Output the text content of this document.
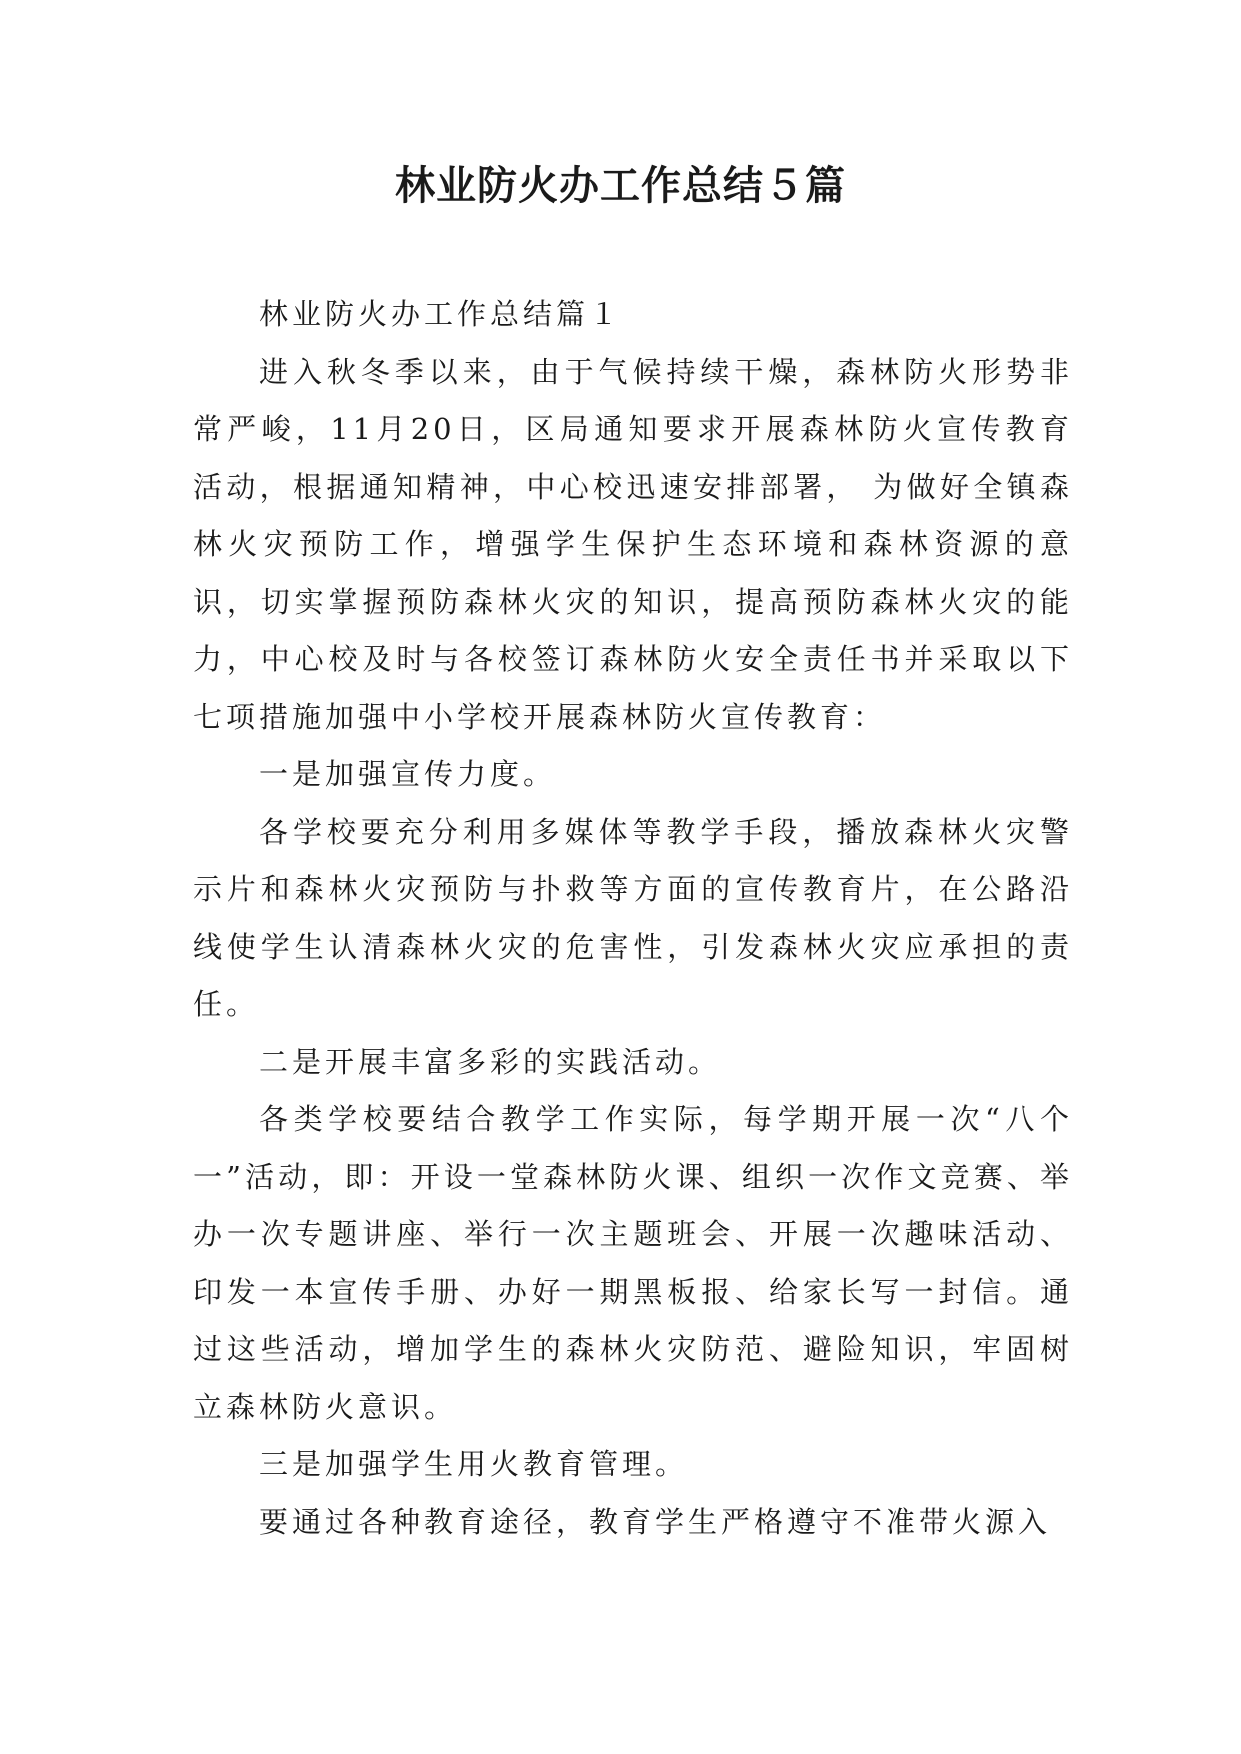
林业防火办工作总结５篇

林业防火办工作总结篇１

进入秋冬季以来，由于气候持续干燥，森林防火形势非常严峻，11月20日，区局通知要求开展森林防火宣传教育活动，根据通知精神，中心校迅速安排部署， 为做好全镇森林火灾预防工作，增强学生保护生态环境和森林资源的意识，切实掌握预防森林火灾的知识，提高预防森林火灾的能力，中心校及时与各校签订森林防火安全责任书并采取以下七项措施加强中小学校开展森林防火宣传教育：

一是加强宣传力度。

各学校要充分利用多媒体等教学手段，播放森林火灾警示片和森林火灾预防与扑救等方面的宣传教育片，在公路沿线使学生认清森林火灾的危害性，引发森林火灾应承担的责任。

二是开展丰富多彩的实践活动。

各类学校要结合教学工作实际，每学期开展一次“八个一”活动，即：开设一堂森林防火课、组织一次作文竞赛、举办一次专题讲座、举行一次主题班会、开展一次趣味活动、印发一本宣传手册、办好一期黑板报、给家长写一封信。通过这些活动，增加学生的森林火灾防范、避险知识，牢固树立森林防火意识。

三是加强学生用火教育管理。

要通过各种教育途径，教育学生严格遵守不准带火源入
